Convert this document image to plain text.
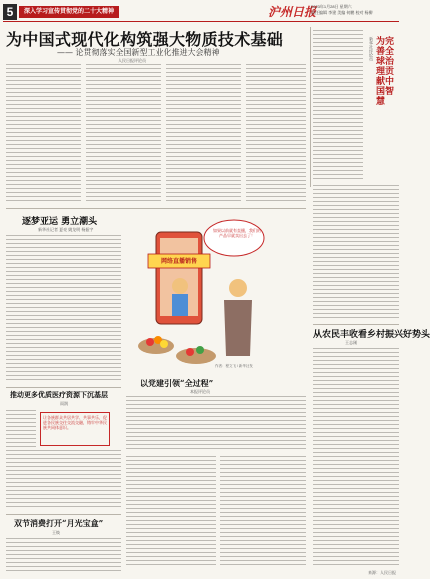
5	深入学习宣传贯彻党的二十大精神	沪州日报
2023年1月28日 星期六
责任编辑 李建 美编 何鹏 校对 杨柳
为中国式现代化构筑强大物质技术基础
—— 论贯彻落实全国新型工业化推进大会精神
人民日报评论员	新华社评论员 为完善全球治理贡献中国智慧
逐梦亚运 勇立潮头
新华社记者 夏亮 姚龙明 杨振宇	如果以前就有直播，我们的产品早就卖出去了！
网络直播销售
作者：程文飞 / 新华社发
以党建引领“全过程”
本报评论员
从农民丰收看乡村振兴好势头
王志刚
推动更多优质医疗资源下沉基层
雨润
让各族群众共居共学、共事共乐，促进各民族交往交流交融，铸牢中华民族共同体意识。
双节消费打开“月光宝盒”
王焕
来源：人民日报
